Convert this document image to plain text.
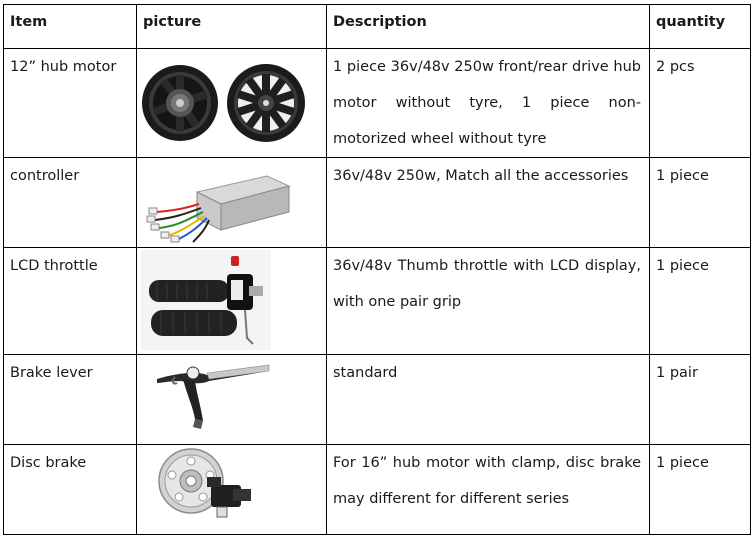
Item	picture	Description	quantity
12” hub motor		1 piece 36v/48v 250w front/rear drive hub motor without tyre, 1 piece non-motorized wheel without tyre	2 pcs
controller		36v/48v 250w, Match all the accessories	1 piece
LCD throttle		36v/48v Thumb throttle with LCD display, with one pair grip	1 piece
Brake lever		standard	1 pair
Disc brake		For 16” hub motor with clamp, disc brake may different for different series	1 piece
